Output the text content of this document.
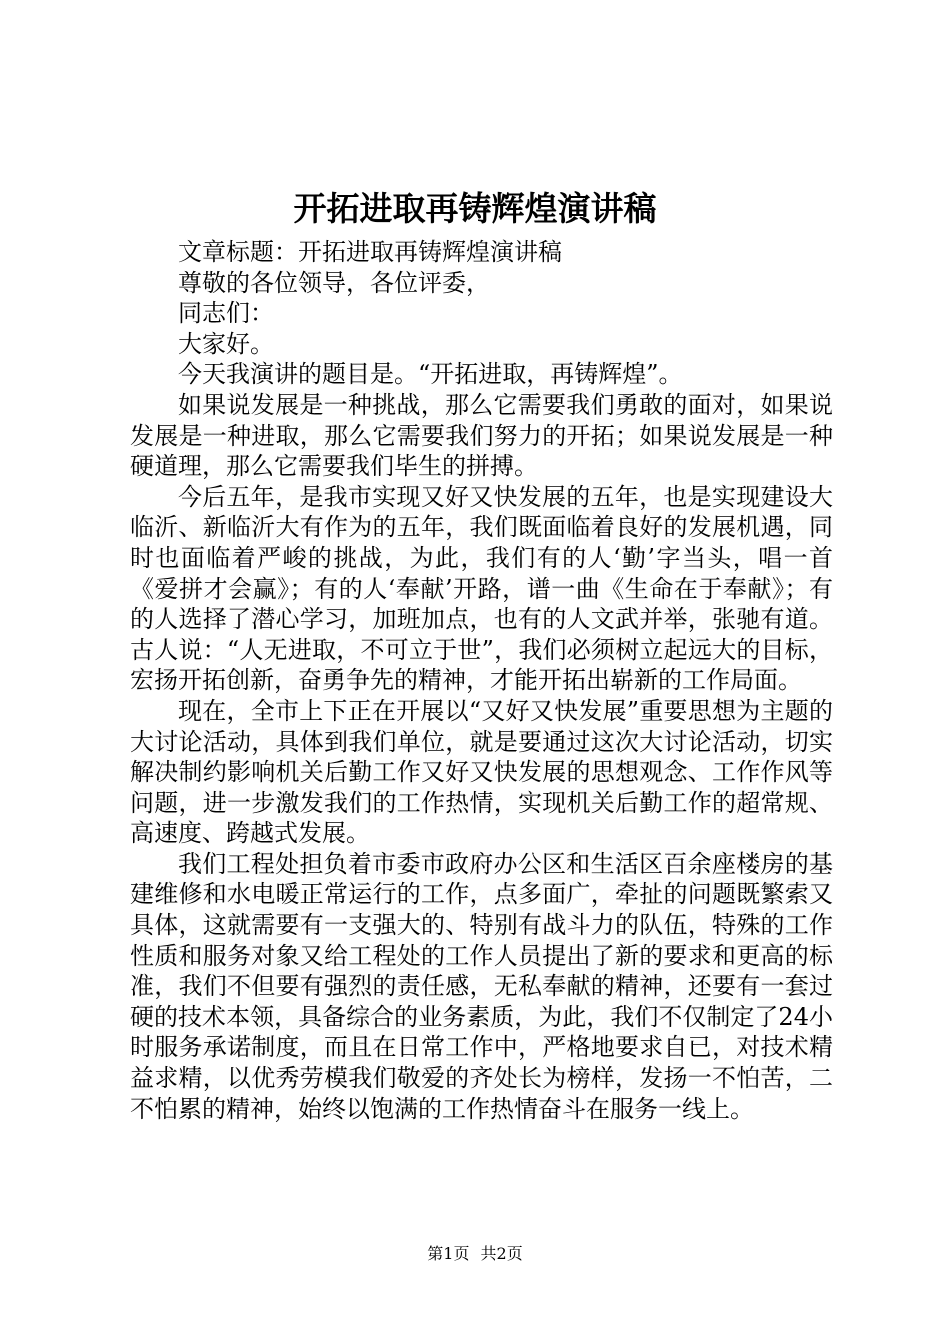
开拓进取再铸辉煌演讲稿

文章标题：开拓进取再铸辉煌演讲稿

尊敬的各位领导，各位评委，

同志们：

大家好。

今天我演讲的题目是。“开拓进取，再铸辉煌”。

如果说发展是一种挑战，那么它需要我们勇敢的面对，如果说发展是一种进取，那么它需要我们努力的开拓；如果说发展是一种硬道理，那么它需要我们毕生的拼搏。

今后五年，是我市实现又好又快发展的五年，也是实现建设大临沂、新临沂大有作为的五年，我们既面临着良好的发展机遇，同时也面临着严峻的挑战，为此，我们有的人‘勤’字当头，唱一首《爱拼才会赢》；有的人‘奉献’开路，谱一曲《生命在于奉献》；有的人选择了潜心学习，加班加点，也有的人文武并举，张驰有道。古人说：“人无进取，不可立于世”，我们必须树立起远大的目标，宏扬开拓创新，奋勇争先的精神，才能开拓出崭新的工作局面。

现在，全市上下正在开展以“又好又快发展”重要思想为主题的大讨论活动，具体到我们单位，就是要通过这次大讨论活动，切实解决制约影响机关后勤工作又好又快发展的思想观念、工作作风等问题，进一步激发我们的工作热情，实现机关后勤工作的超常规、高速度、跨越式发展。

我们工程处担负着市委市政府办公区和生活区百余座楼房的基建维修和水电暖正常运行的工作，点多面广，牵扯的问题既繁索又具体，这就需要有一支强大的、特别有战斗力的队伍，特殊的工作性质和服务对象又给工程处的工作人员提出了新的要求和更高的标准，我们不但要有强烈的责任感，无私奉献的精神，还要有一套过硬的技术本领，具备综合的业务素质，为此，我们不仅制定了24小时服务承诺制度，而且在日常工作中，严格地要求自已，对技术精益求精，以优秀劳模我们敬爱的齐处长为榜样，发扬一不怕苦，二不怕累的精神，始终以饱满的工作热情奋斗在服务一线上。

第1页 共2页
